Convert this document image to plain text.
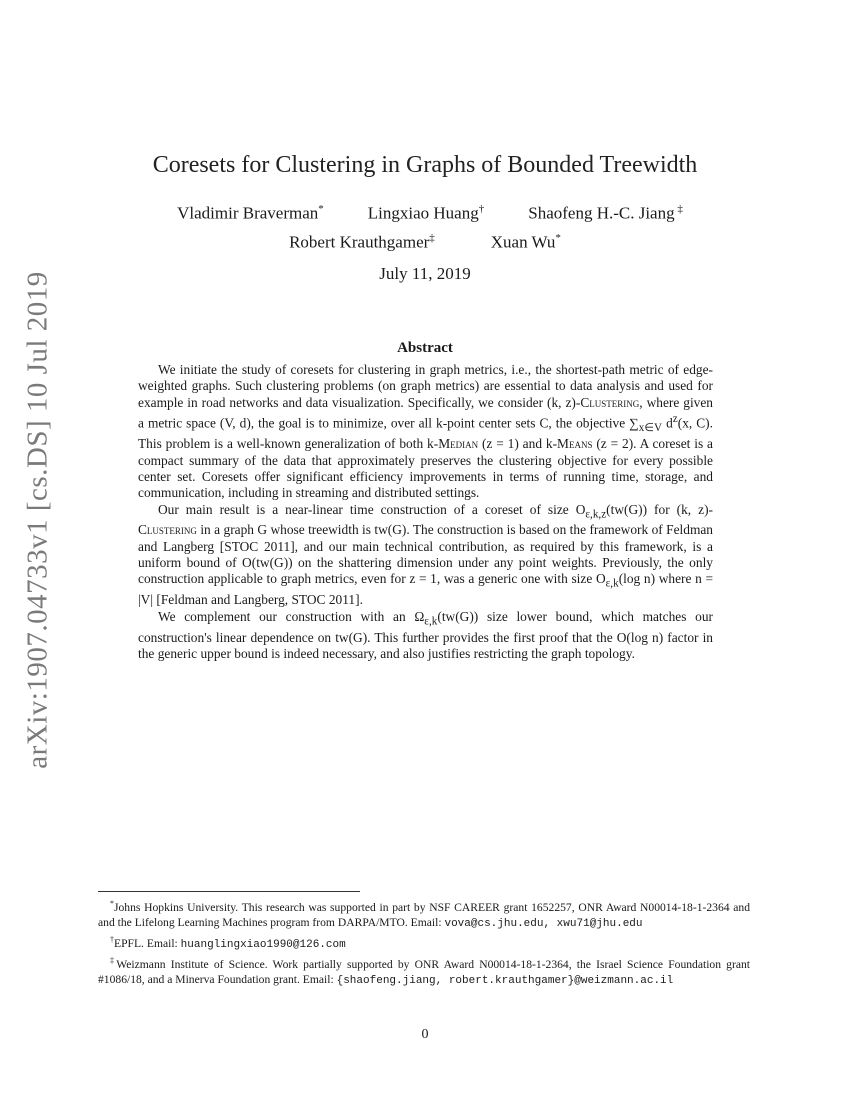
arXiv:1907.04733v1 [cs.DS] 10 Jul 2019
Coresets for Clustering in Graphs of Bounded Treewidth
Vladimir Braverman*	Lingxiao Huang†	Shaofeng H.-C. Jiang ‡
Robert Krauthgamer‡	Xuan Wu*
July 11, 2019
Abstract

We initiate the study of coresets for clustering in graph metrics, i.e., the shortest-path metric of edge-weighted graphs. Such clustering problems (on graph metrics) are essential to data analysis and used for example in road networks and data visualization. Specifically, we consider (k, z)-Clustering, where given a metric space (V, d), the goal is to minimize, over all k-point center sets C, the objective $\sum_{x\in V}$ $d^z(x$, C). This problem is a well-known generalization of both k-Median (z = 1) and k-Means (z = 2). A coreset is a compact summary of the data that approximately preserves the clustering objective for every possible center set. Coresets offer significant efficiency improvements in terms of running time, storage, and communication, including in streaming and distributed settings.

Our main result is a near-linear time construction of a coreset of size $O_{\varepsilon,k,z}(tw(G))$ for (k, z)-Clustering in a graph G whose treewidth is tw(G). The construction is based on the framework of Feldman and Langberg [STOC 2011], and our main technical contribution, as required by this framework, is a uniform bound of O(tw(G)) on the shattering dimension under any point weights. Previously, the only construction applicable to graph metrics, even for z = 1, was a generic one with size $O_{\varepsilon,k}(\log$ n) where n = |V| [Feldman and Langberg, STOC 2011].

We complement our construction with an $\Omega_{\varepsilon,k}(tw(G))$ size lower bound, which matches our construction's linear dependence on tw(G). This further provides the first proof that the O(log n) factor in the generic upper bound is indeed necessary, and also justifies restricting the graph topology.

*Johns Hopkins University. This research was supported in part by NSF CAREER grant 1652257, ONR Award N00014-18-1-2364 and and the Lifelong Learning Machines program from DARPA/MTO. Email: vova@cs.jhu.edu, xwu71@jhu.edu

†EPFL. Email: huanglingxiao1990@126.com

‡Weizmann Institute of Science. Work partially supported by ONR Award N00014-18-1-2364, the Israel Science Foundation grant #1086/18, and a Minerva Foundation grant. Email: {shaofeng.jiang, robert.krauthgamer}@weizmann.ac.il

0
